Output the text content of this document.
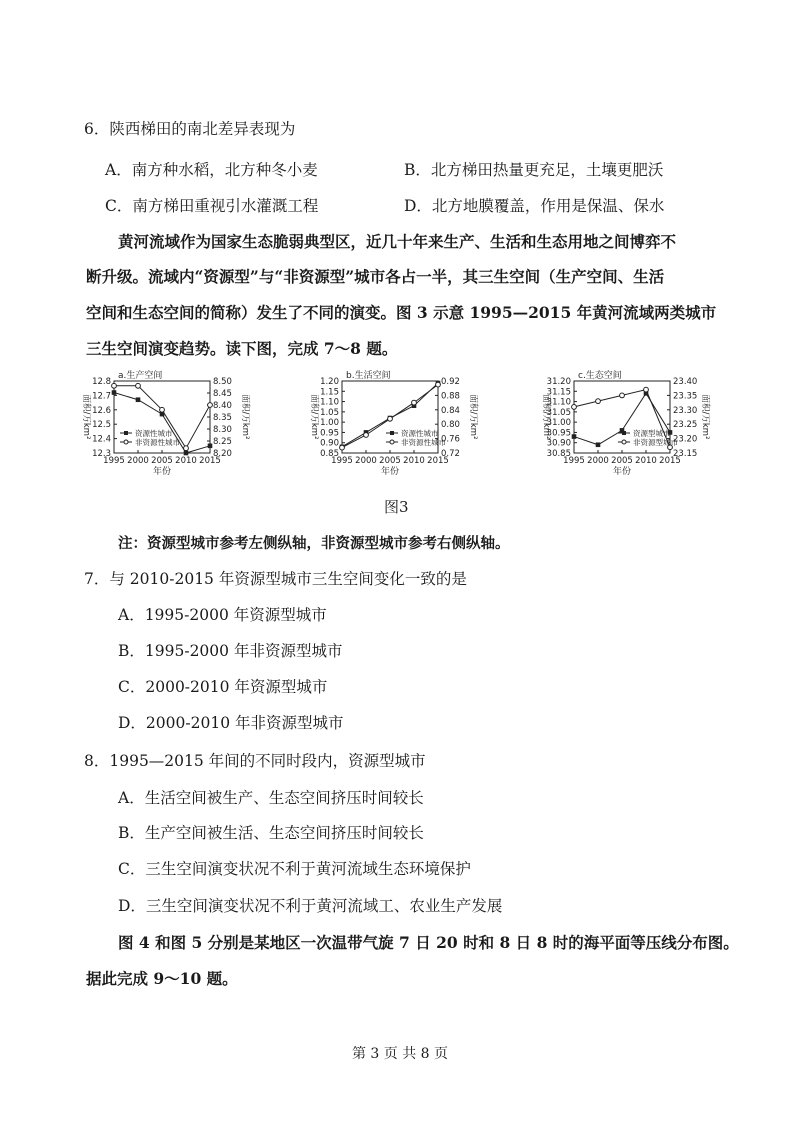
6．陕西梯田的南北差异表现为
A．南方种水稻，北方种冬小麦	B．北方梯田热量更充足，土壤更肥沃
C．南方梯田重视引水灌溉工程	D．北方地膜覆盖，作用是保温、保水
黄河流域作为国家生态脆弱典型区，近几十年来生产、生活和生态用地之间博弈不
断升级。流域内“资源型”与“非资源型”城市各占一半，其三生空间（生产空间、生活
空间和生态空间的简称）发生了不同的演变。图 3 示意 1995—2015 年黄河流域两类城市
三生空间演变趋势。读下图，完成 7～8 题。
a.生产空间
12.8
12.7
12.6
12.5
12.4
12.3
8.50
8.45
8.40
8.35
8.30
8.25
8.20
1995 2000 2005 2010 2015
年份
面积/万km²	面积/万km²
资源性城市
非资源性城市
b.生活空间
1.20
1.15
1.10
1.05
1.00
0.95
0.90
0.85
0.92
0.88
0.84
0.80
0.76
0.72
1995 2000 2005 2010 2015
年份
面积/万km²	面积/万km²
资源性城市
非资源性城市
c.生态空间
31.20
31.15
31.10
31.05
31.00
30.95
30.90
30.85
23.40
23.35
23.30
23.25
23.20
23.15
1995 2000 2005 2010 2015
年份
面积/万km²	面积/万km²
资源型城市
非资源型城市
图3
注：资源型城市参考左侧纵轴，非资源型城市参考右侧纵轴。
7．与 2010-2015 年资源型城市三生空间变化一致的是
A．1995-2000 年资源型城市
B．1995-2000 年非资源型城市
C．2000-2010 年资源型城市
D．2000-2010 年非资源型城市
8．1995—2015 年间的不同时段内，资源型城市
A．生活空间被生产、生态空间挤压时间较长
B．生产空间被生活、生态空间挤压时间较长
C．三生空间演变状况不利于黄河流域生态环境保护
D．三生空间演变状况不利于黄河流域工、农业生产发展
图 4 和图 5 分别是某地区一次温带气旋 7 日 20 时和 8 日 8 时的海平面等压线分布图。
据此完成 9～10 题。
第 3 页 共 8 页
